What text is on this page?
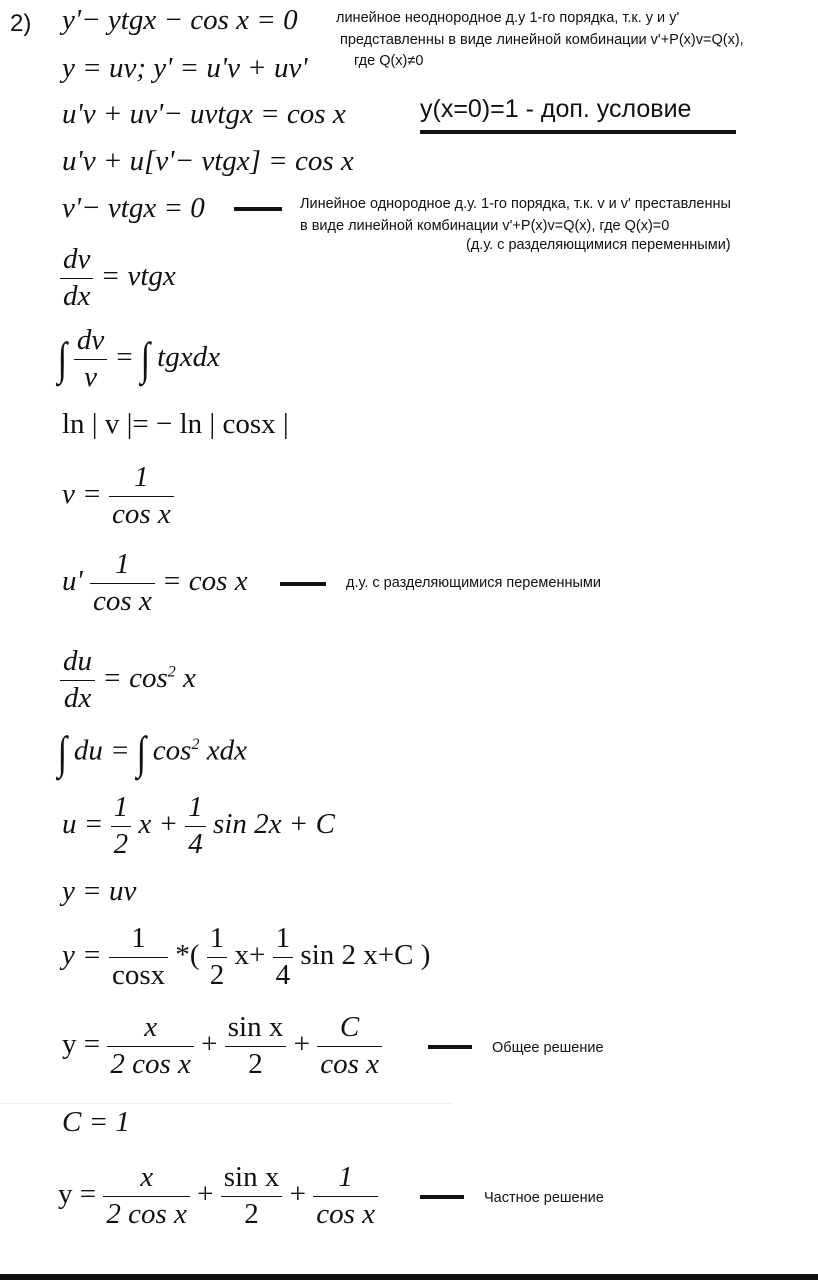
2) y'− ytgx − cos x = 0	линейное неоднородное д.у 1-го порядка, т.к. у и у'
представленны в виде линейной комбинации v'+P(x)v=Q(x),
где Q(x)≠0
y = uv; y' = u'v + uv'
u'v + uv'− uvtgx = cos x	y(x=0)=1 - доп. условие
u'v + u[v'− vtgx] = cos x
v'− vtgx = 0	Линейное однородное д.у. 1-го порядка, т.к. v и v' преставленны
в виде линейной комбинации v'+P(x)v=Q(x), где Q(x)=0
(д.у. с разделяющимися переменными)
$\frac{dv}{dx}$ = vtgx
∫ $\frac{dv}{v}$ = ∫ tgxdx
ln | v |= − ln | cosx |
$v = \frac{1}{\text{cos x}}$
$u' \frac{1}{\text{cos x}} = \cos x$	д.у. с разделяющимися переменными
$\frac{du}{dx} = \cos^2 x$
∫ du = ∫ $\cos^2$ xdx
$u = \frac{1}{2}$ $x + \frac{1}{4}$ sin 2x + C
y = uv
$y = \frac{1}{\cos x}$ *( $\frac{1}{2} x+ \frac{1}{4}$ sin 2 x+C )
$y = \frac{x}{\text{2 cos x}} + \frac{\text{sin x}}{2} + \frac{C}{\text{cos x}}$	Общее решение
C = 1
$y = \frac{x}{\text{2 cos x}} + \frac{\text{sin x}}{2} + \frac{1}{\text{cos x}}$	Частное решение
